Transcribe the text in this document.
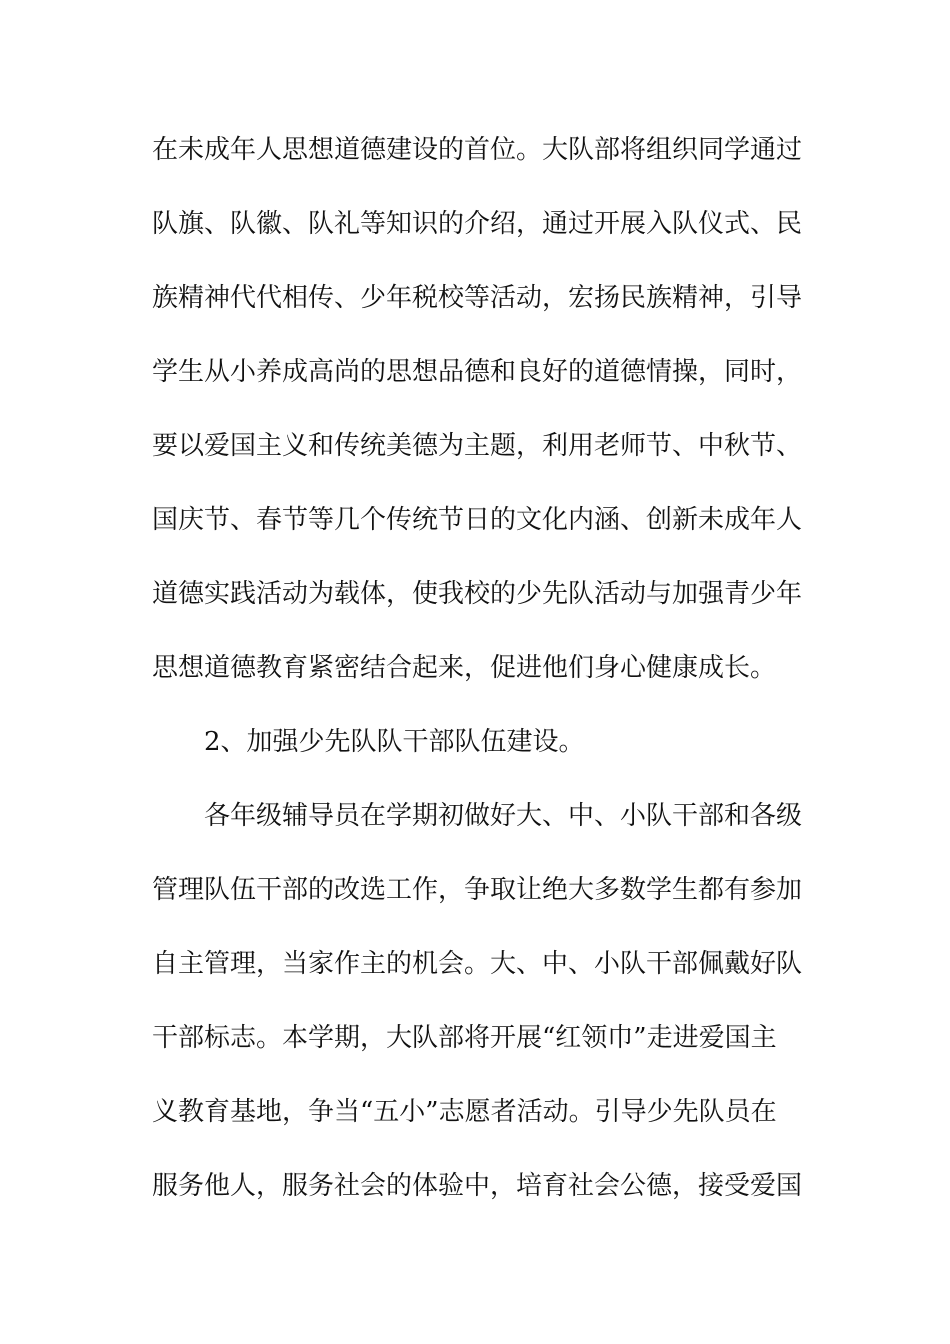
在未成年人思想道德建设的首位。大队部将组织同学通过
队旗、队徽、队礼等知识的介绍，通过开展入队仪式、民
族精神代代相传、少年税校等活动，宏扬民族精神，引导
学生从小养成高尚的思想品德和良好的道德情操，同时，
要以爱国主义和传统美德为主题，利用老师节、中秋节、
国庆节、春节等几个传统节日的文化内涵、创新未成年人
道德实践活动为载体，使我校的少先队活动与加强青少年
思想道德教育紧密结合起来，促进他们身心健康成长。
2、加强少先队队干部队伍建设。
各年级辅导员在学期初做好大、中、小队干部和各级
管理队伍干部的改选工作，争取让绝大多数学生都有参加
自主管理，当家作主的机会。大、中、小队干部佩戴好队
干部标志。本学期，大队部将开展“红领巾”走进爱国主
义教育基地，争当“五小”志愿者活动。引导少先队员在
服务他人，服务社会的体验中，培育社会公德，接受爱国
